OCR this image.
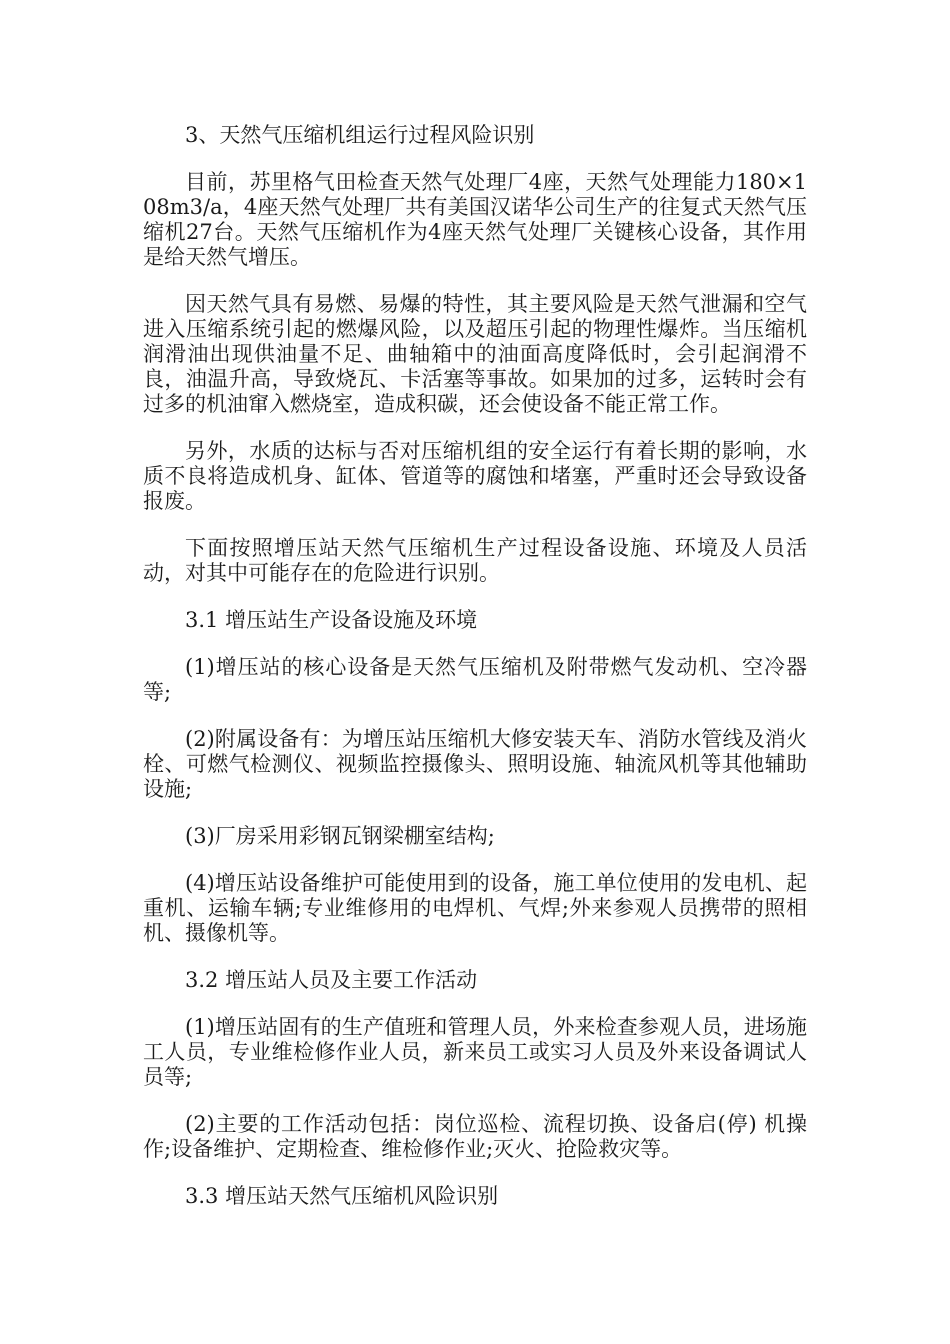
3、天然气压缩机组运行过程风险识别

目前，苏里格气田检查天然气处理厂4座，天然气处理能力180×108m3/a，4座天然气处理厂共有美国汉诺华公司生产的往复式天然气压缩机27台。天然气压缩机作为4座天然气处理厂关键核心设备，其作用是给天然气增压。

因天然气具有易燃、易爆的特性，其主要风险是天然气泄漏和空气进入压缩系统引起的燃爆风险，以及超压引起的物理性爆炸。当压缩机润滑油出现供油量不足、曲轴箱中的油面高度降低时，会引起润滑不良，油温升高，导致烧瓦、卡活塞等事故。如果加的过多，运转时会有过多的机油窜入燃烧室，造成积碳，还会使设备不能正常工作。

另外，水质的达标与否对压缩机组的安全运行有着长期的影响，水质不良将造成机身、缸体、管道等的腐蚀和堵塞，严重时还会导致设备报废。

下面按照增压站天然气压缩机生产过程设备设施、环境及人员活动，对其中可能存在的危险进行识别。

3.1 增压站生产设备设施及环境

(1)增压站的核心设备是天然气压缩机及附带燃气发动机、空冷器等;

(2)附属设备有：为增压站压缩机大修安装天车、消防水管线及消火栓、可燃气检测仪、视频监控摄像头、照明设施、轴流风机等其他辅助设施;

(3)厂房采用彩钢瓦钢梁棚室结构;

(4)增压站设备维护可能使用到的设备，施工单位使用的发电机、起重机、运输车辆;专业维修用的电焊机、气焊;外来参观人员携带的照相机、摄像机等。

3.2 增压站人员及主要工作活动

(1)增压站固有的生产值班和管理人员，外来检查参观人员，进场施工人员，专业维检修作业人员，新来员工或实习人员及外来设备调试人员等;

(2)主要的工作活动包括：岗位巡检、流程切换、设备启(停) 机操作;设备维护、定期检查、维检修作业;灭火、抢险救灾等。

3.3 增压站天然气压缩机风险识别
